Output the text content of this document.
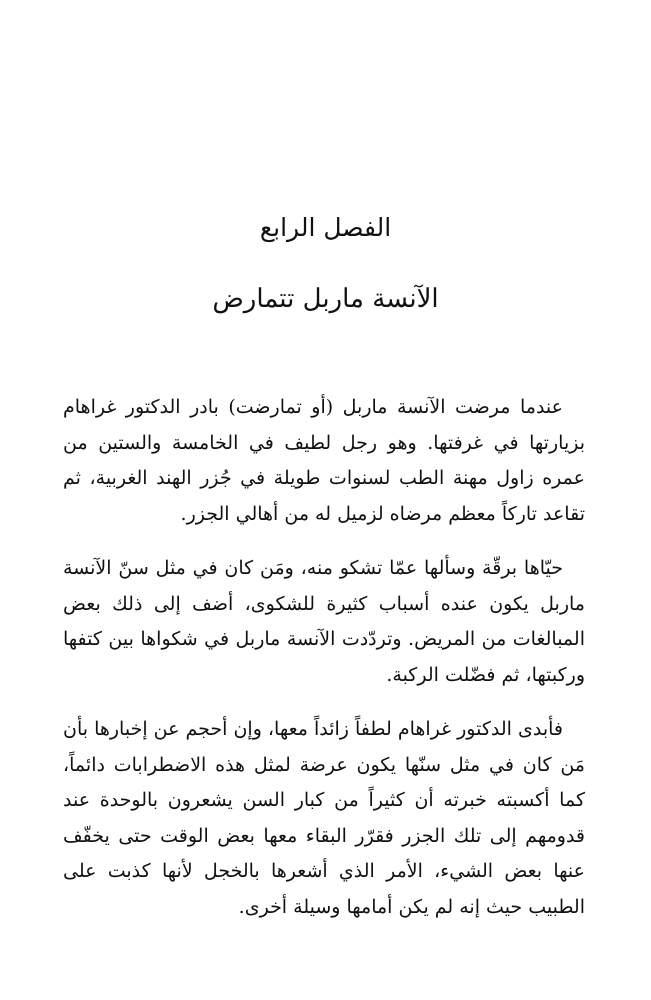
الفصل الرابع
الآنسة ماربل تتمارض

عندما مرضت الآنسة ماربل (أو تمارضت) بادر الدكتور غراهام بزيارتها في غرفتها. وهو رجل لطيف في الخامسة والستين من عمره زاول مهنة الطب لسنوات طويلة في جُزر الهند الغربية، ثم تقاعد تاركاً معظم مرضاه لزميل له من أهالي الجزر.

حيّاها برقّة وسألها عمّا تشكو منه، ومَن كان في مثل سنّ الآنسة ماربل يكون عنده أسباب كثيرة للشكوى، أضف إلى ذلك بعض المبالغات من المريض. وتردّدت الآنسة ماربل في شكواها بين كتفها وركبتها، ثم فضّلت الركبة.

فأبدى الدكتور غراهام لطفاً زائداً معها، وإن أحجم عن إخبارها بأن مَن كان في مثل سنّها يكون عرضة لمثل هذه الاضطرابات دائماً، كما أكسبته خبرته أن كثيراً من كبار السن يشعرون بالوحدة عند قدومهم إلى تلك الجزر فقرّر البقاء معها بعض الوقت حتى يخفّف عنها بعض الشيء، الأمر الذي أشعرها بالخجل لأنها كذبت على الطبيب حيث إنه لم يكن أمامها وسيلة أخرى.
